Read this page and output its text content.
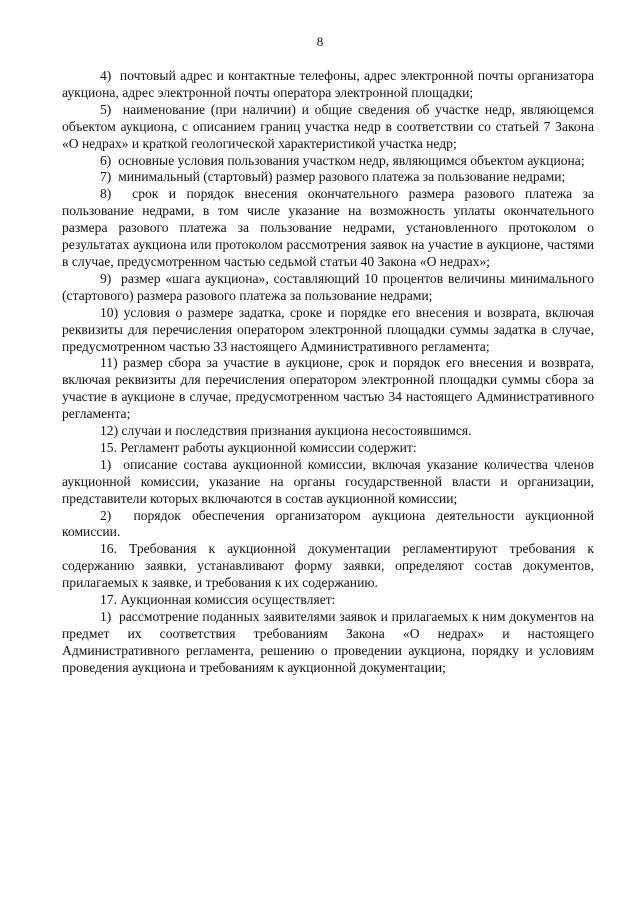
8

4)  почтовый адрес и контактные телефоны, адрес электронной почты организатора аукциона, адрес электронной почты оператора электронной площадки;

5)  наименование (при наличии) и общие сведения об участке недр, являющемся объектом аукциона, с описанием границ участка недр в соответствии со статьей 7 Закона «О недрах» и краткой геологической характеристикой участка недр;

6)  основные условия пользования участком недр, являющимся объектом аукциона;

7)  минимальный (стартовый) размер разового платежа за пользование недрами;

8)  срок и порядок внесения окончательного размера разового платежа за пользование недрами, в том числе указание на возможность уплаты окончательного размера разового платежа за пользование недрами, установленного протоколом о результатах аукциона или протоколом рассмотрения заявок на участие в аукционе, частями в случае, предусмотренном частью седьмой статьи 40 Закона «О недрах»;

9)  размер «шага аукциона», составляющий 10 процентов величины минимального (стартового) размера разового платежа за пользование недрами;

10) условия о размере задатка, сроке и порядке его внесения и возврата, включая реквизиты для перечисления оператором электронной площадки суммы задатка в случае, предусмотренном частью 33 настоящего Административного регламента;

11) размер сбора за участие в аукционе, срок и порядок его внесения и возврата, включая реквизиты для перечисления оператором электронной площадки суммы сбора за участие в аукционе в случае, предусмотренном частью 34 настоящего Административного регламента;

12) случаи и последствия признания аукциона несостоявшимся.

15. Регламент работы аукционной комиссии содержит:

1)  описание состава аукционной комиссии, включая указание количества членов аукционной комиссии, указание на органы государственной власти и организации, представители которых включаются в состав аукционной комиссии;

2)  порядок обеспечения организатором аукциона деятельности аукционной комиссии.

16. Требования к аукционной документации регламентируют требования к содержанию заявки, устанавливают форму заявки, определяют состав документов, прилагаемых к заявке, и требования к их содержанию.

17. Аукционная комиссия осуществляет:

1)  рассмотрение поданных заявителями заявок и прилагаемых к ним документов на предмет их соответствия требованиям Закона «О недрах» и настоящего Административного регламента, решению о проведении аукциона, порядку и условиям проведения аукциона и требованиям к аукционной документации;
